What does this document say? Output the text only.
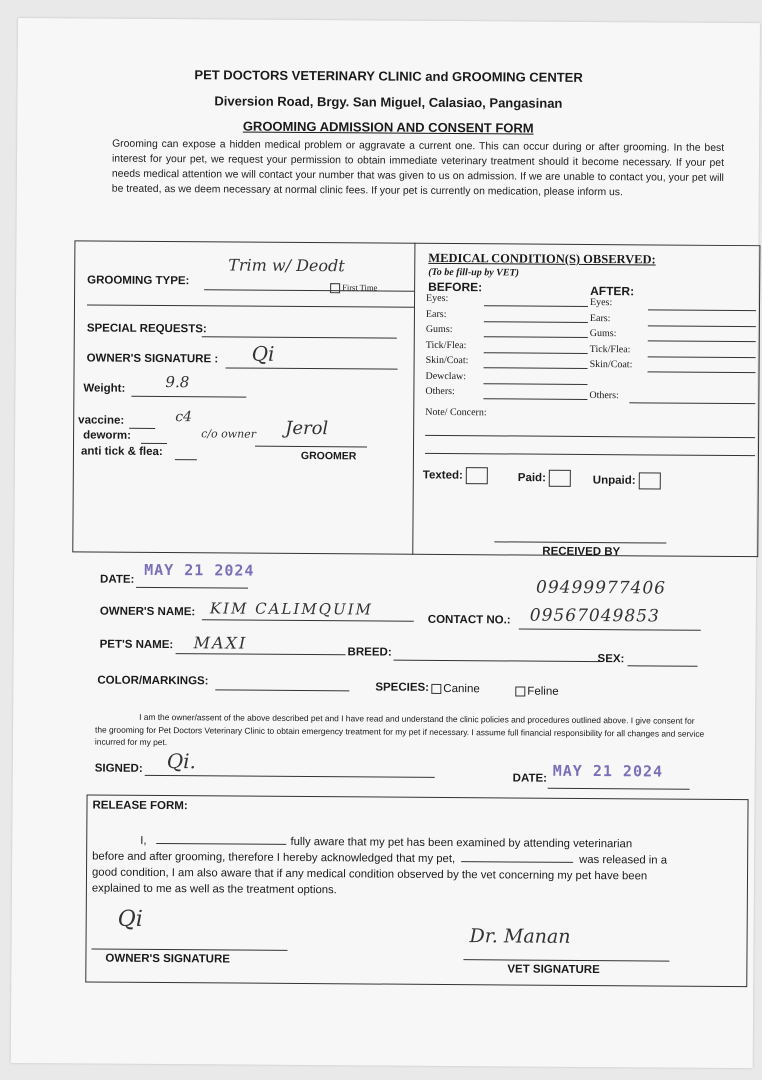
PET DOCTORS VETERINARY CLINIC and GROOMING CENTER
Diversion Road, Brgy. San Miguel, Calasiao, Pangasinan
GROOMING ADMISSION AND CONSENT FORM
Grooming can expose a hidden medical problem or aggravate a current one. This can occur during or after grooming. In the best interest for your pet, we request your permission to obtain immediate veterinary treatment should it become necessary. If your pet needs medical attention we will contact your number that was given to us on admission. If we are unable to contact you, your pet will be treated, as we deem necessary at normal clinic fees. If your pet is currently on medication, please inform us.
GROOMING TYPE:
Trim w/ Deodt
First Time
SPECIAL REQUESTS:
OWNER'S SIGNATURE : Qi
Weight:	9.8
vaccine:
deworm:
anti tick & flea:
c4
c/o owner Jerol
GROOMER
MEDICAL CONDITION(S) OBSERVED:
(To be fill-up by VET)
BEFORE:	AFTER:
Eyes:	Eyes:
Ears:	Ears:
Gums:	Gums:
Tick/Flea:	Tick/Flea:
Skin/Coat:	Skin/Coat:
Dewclaw:
Others:	Others:
Note/ Concern:
Texted:	Paid:	Unpaid:
RECEIVED BY
DATE:
MAY 21 2024
09499977406
OWNER'S NAME: KIM CALIMQUIM
CONTACT NO.: 09567049853
PET'S NAME: MAXI	BREED:
SEX:
COLOR/MARKINGS:
SPECIES:	Canine	Feline
I am the owner/assent of the above described pet and I have read and understand the clinic policies and procedures outlined above. I give consent for the grooming for Pet Doctors Veterinary Clinic to obtain emergency treatment for my pet if necessary. I assume full financial responsibility for all changes and service incurred for my pet.
SIGNED: Qi.
DATE: MAY 21 2024
RELEASE FORM:
I,	fully aware that my pet has been examined by attending veterinarian
before and after grooming, therefore I hereby acknowledged that my pet,	was released in a
good condition, I am also aware that if any medical condition observed by the vet concerning my pet have been
explained to me as well as the treatment options.
Qi
OWNER'S SIGNATURE
Dr. Manan
VET SIGNATURE
